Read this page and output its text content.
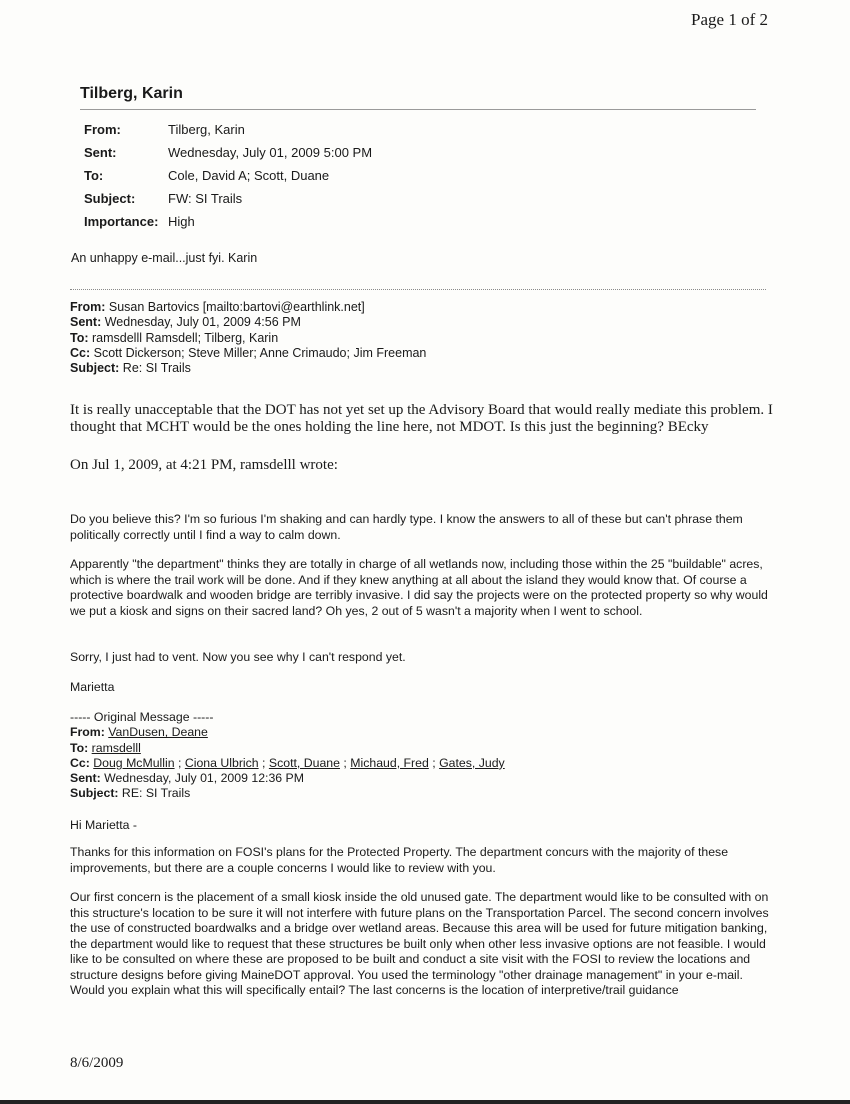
Page 1 of 2
Tilberg, Karin
From:	Tilberg, Karin
Sent:	Wednesday, July 01, 2009 5:00 PM
To:	Cole, David A; Scott, Duane
Subject:	FW: SI Trails
Importance:	High
An unhappy e-mail...just fyi. Karin
From: Susan Bartovics [mailto:bartovi@earthlink.net]
Sent: Wednesday, July 01, 2009 4:56 PM
To: ramsdelll Ramsdell; Tilberg, Karin
Cc: Scott Dickerson; Steve Miller; Anne Crimaudo; Jim Freeman
Subject: Re: SI Trails
It is really unacceptable that the DOT has not yet set up the Advisory Board that would really mediate this problem. I thought that MCHT would be the ones holding the line here, not MDOT. Is this just the beginning? BEcky
On Jul 1, 2009, at 4:21 PM, ramsdelll wrote:
Do you believe this? I'm so furious I'm shaking and can hardly type. I know the answers to all of these but can't phrase them politically correctly until I find a way to calm down.
Apparently "the department" thinks they are totally in charge of all wetlands now, including those within the 25 "buildable" acres, which is where the trail work will be done. And if they knew anything at all about the island they would know that. Of course a protective boardwalk and wooden bridge are terribly invasive. I did say the projects were on the protected property so why would we put a kiosk and signs on their sacred land? Oh yes, 2 out of 5 wasn't a majority when I went to school.
Sorry, I just had to vent. Now you see why I can't respond yet.
Marietta
----- Original Message -----
From: VanDusen, Deane
To: ramsdelll
Cc: Doug McMullin ; Ciona Ulbrich ; Scott, Duane ; Michaud, Fred ; Gates, Judy
Sent: Wednesday, July 01, 2009 12:36 PM
Subject: RE: SI Trails
Hi Marietta -
Thanks for this information on FOSI's plans for the Protected Property. The department concurs with the majority of these improvements, but there are a couple concerns I would like to review with you.
Our first concern is the placement of a small kiosk inside the old unused gate. The department would like to be consulted with on this structure's location to be sure it will not interfere with future plans on the Transportation Parcel. The second concern involves the use of constructed boardwalks and a bridge over wetland areas. Because this area will be used for future mitigation banking, the department would like to request that these structures be built only when other less invasive options are not feasible. I would like to be consulted on where these are proposed to be built and conduct a site visit with the FOSI to review the locations and structure designs before giving MaineDOT approval. You used the terminology "other drainage management" in your e-mail. Would you explain what this will specifically entail? The last concerns is the location of interpretive/trail guidance
8/6/2009
